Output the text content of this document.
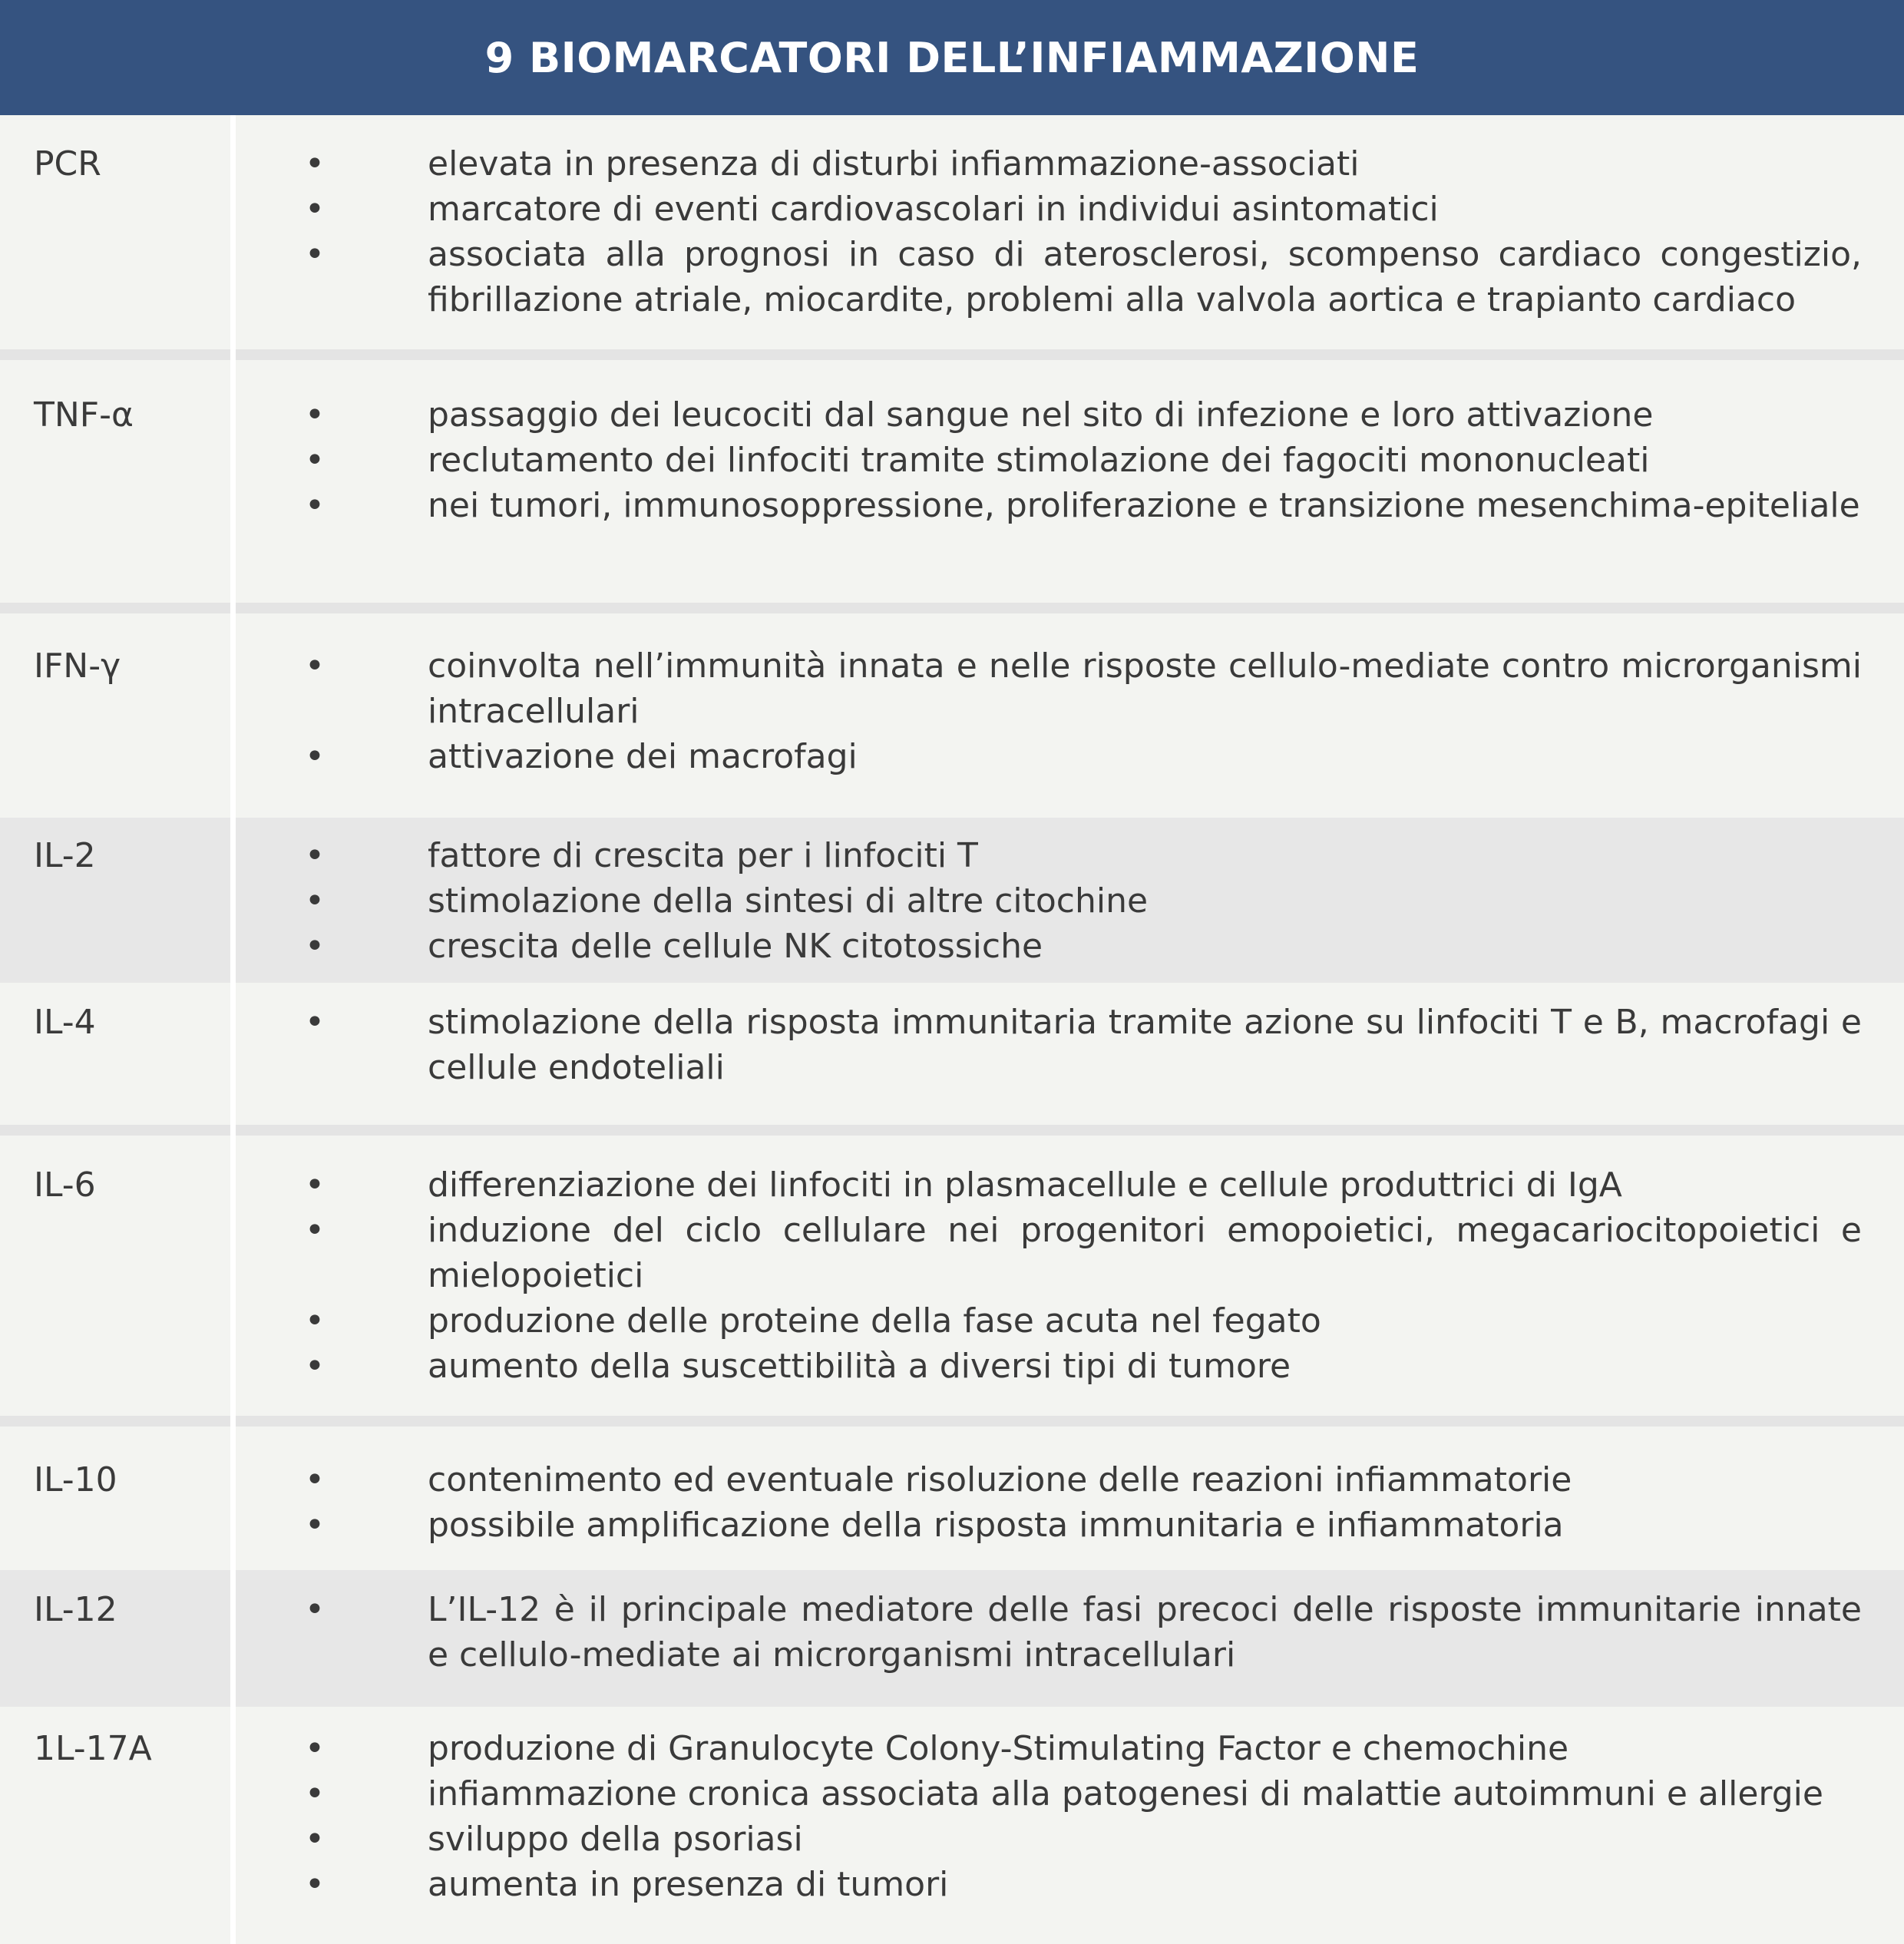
9 BIOMARCATORI DELL’INFIAMMAZIONE
PCR	•	elevata in presenza di disturbi infiammazione-associati
•	marcatore di eventi cardiovascolari in individui asintomatici
•	associata alla prognosi in caso di aterosclerosi, scompenso cardiaco congestizio, fibrillazione atriale, miocardite, problemi alla valvola aortica e trapianto cardiaco
TNF-α	•	passaggio dei leucociti dal sangue nel sito di infezione e loro attivazione
•	reclutamento dei linfociti tramite stimolazione dei fagociti mononucleati
•	nei tumori, immunosoppressione, proliferazione e transizione mesenchima-epiteliale
IFN-γ	•	coinvolta nell’immunità innata e nelle risposte cellulo-mediate contro microrganismi intracellulari
•	attivazione dei macrofagi
IL-2	•	fattore di crescita per i linfociti T
•	stimolazione della sintesi di altre citochine
•	crescita delle cellule NK citotossiche
IL-4	•	stimolazione della risposta immunitaria tramite azione su linfociti T e B, macrofagi e cellule endoteliali
IL-6	•	differenziazione dei linfociti in plasmacellule e cellule produttrici di IgA
•	induzione del ciclo cellulare nei progenitori emopoietici, megacariocitopoietici e mielopoietici
•	produzione delle proteine della fase acuta nel fegato
•	aumento della suscettibilità a diversi tipi di tumore
IL-10	•	contenimento ed eventuale risoluzione delle reazioni infiammatorie
•	possibile amplificazione della risposta immunitaria e infiammatoria
IL-12	•	L’IL-12 è il principale mediatore delle fasi precoci delle risposte immunitarie innate e cellulo-mediate ai microrganismi intracellulari
1L-17A	•	produzione di Granulocyte Colony-Stimulating Factor e chemochine
•	infiammazione cronica associata alla patogenesi di malattie autoimmuni e allergie
•	sviluppo della psoriasi
•	aumenta in presenza di tumori
